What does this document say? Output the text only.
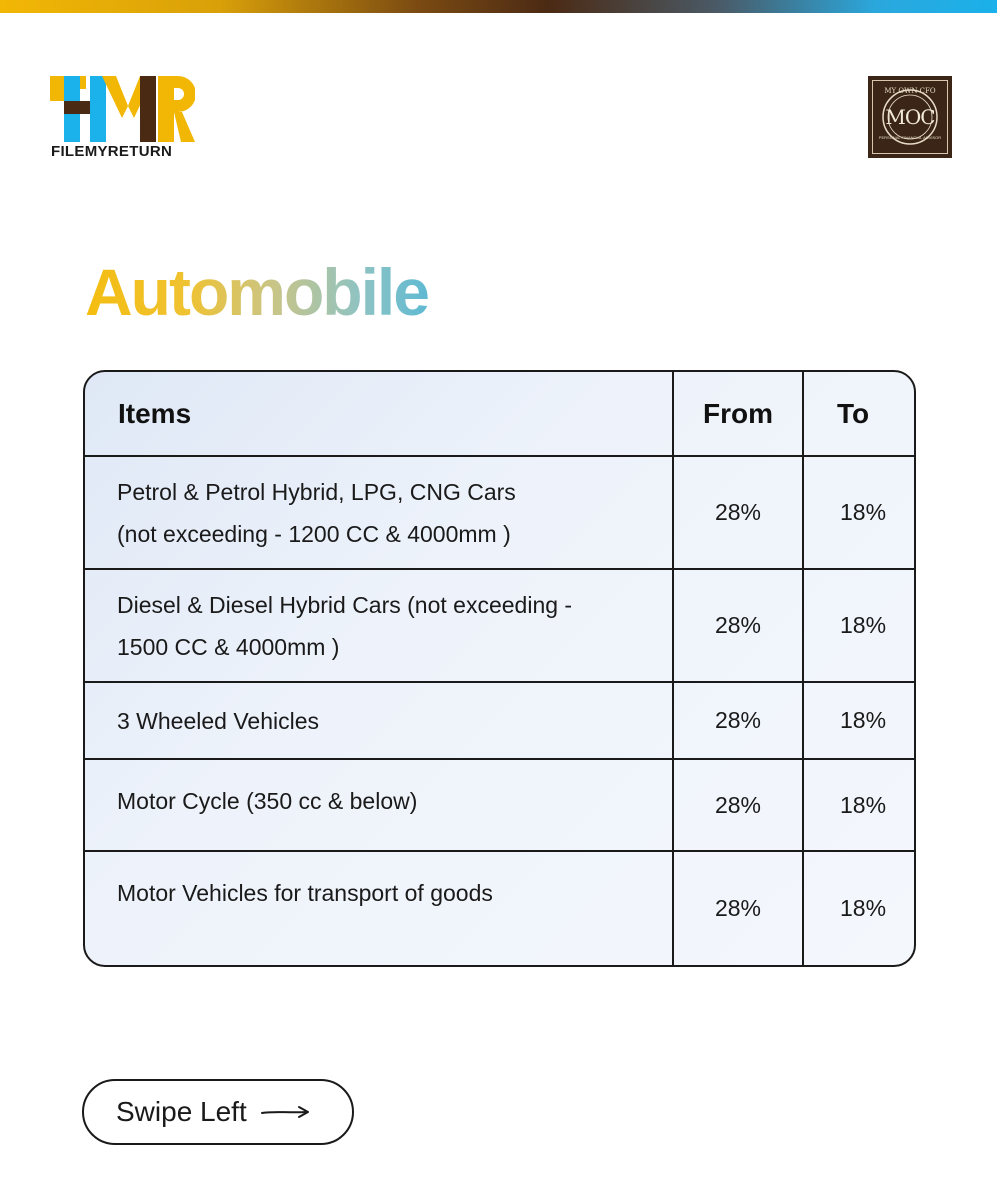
FILEMYRETURN
MY OWN CFO
MOC
PERSONAL FINANCIAL ADVISOR
Automobile
Items	From	To

Petrol & Petrol Hybrid, LPG, CNG Cars
(not exceeding - 1200 CC & 4000mm )	28%	18%

Diesel & Diesel Hybrid Cars (not exceeding -
1500 CC & 4000mm )	28%	18%

3 Wheeled Vehicles	28%	18%

Motor Cycle (350 cc & below)	28%	18%

Motor Vehicles for transport of goods	28%	18%
Swipe Left
